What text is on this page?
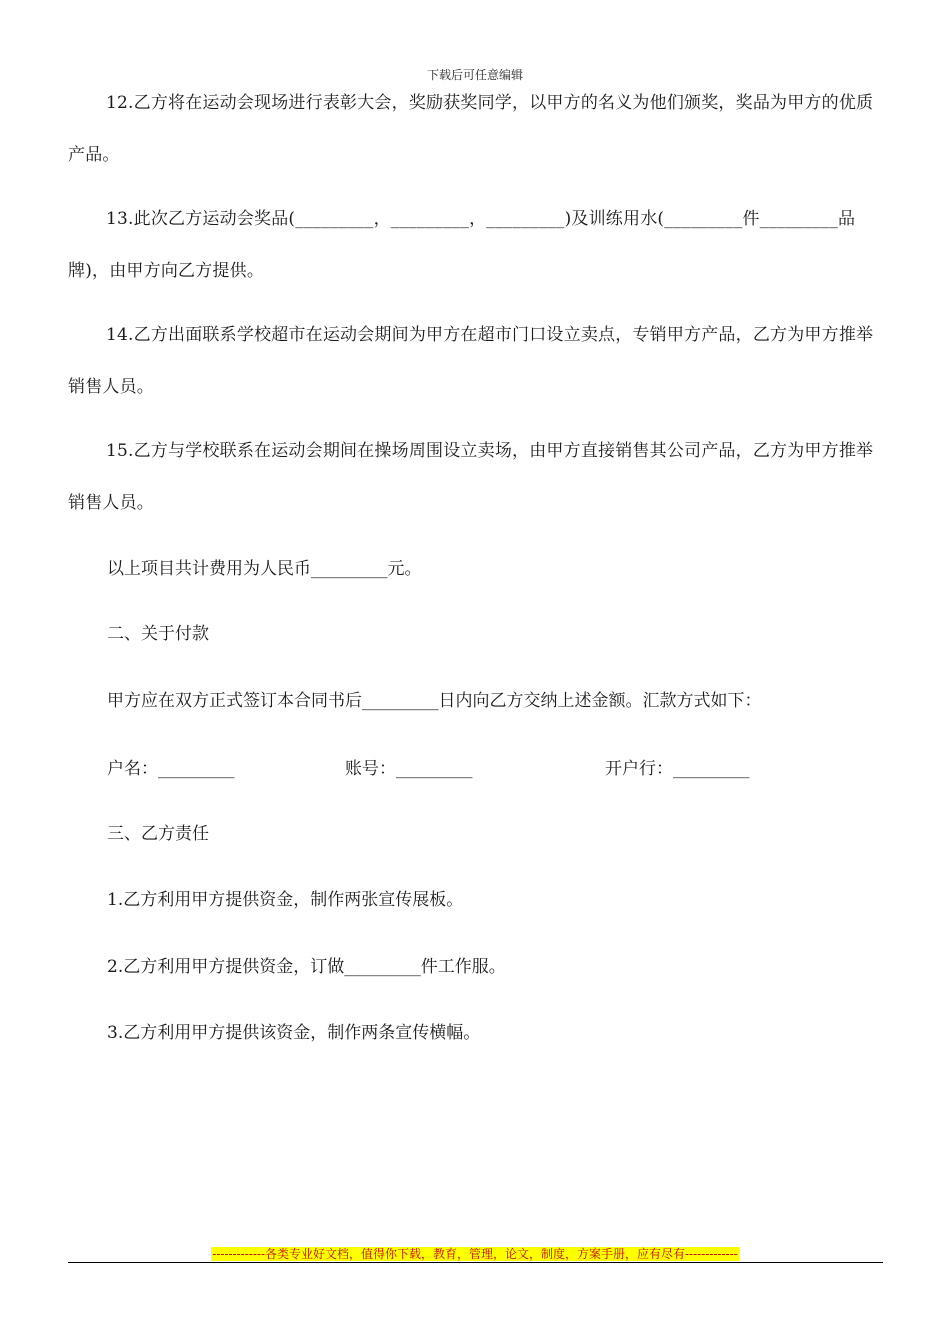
下载后可任意编辑

12.乙方将在运动会现场进行表彰大会，奖励获奖同学，以甲方的名义为他们颁奖，奖品为甲方的优质产品。

13.此次乙方运动会奖品(_________，_________，_________)及训练用水(_________件_________品牌)，由甲方向乙方提供。

14.乙方出面联系学校超市在运动会期间为甲方在超市门口设立卖点，专销甲方产品，乙方为甲方推举销售人员。

15.乙方与学校联系在运动会期间在操场周围设立卖场，由甲方直接销售其公司产品，乙方为甲方推举销售人员。

以上项目共计费用为人民币_________元。

二、关于付款

甲方应在双方正式签订本合同书后_________日内向乙方交纳上述金额。汇款方式如下：

户名：_________	账号：_________	开户行：_________

三、乙方责任

1.乙方利用甲方提供资金，制作两张宣传展板。

2.乙方利用甲方提供资金，订做_________件工作服。

3.乙方利用甲方提供该资金，制作两条宣传横幅。

-------------各类专业好文档，值得你下载，教育，管理，论文，制度，方案手册，应有尽有-------------
